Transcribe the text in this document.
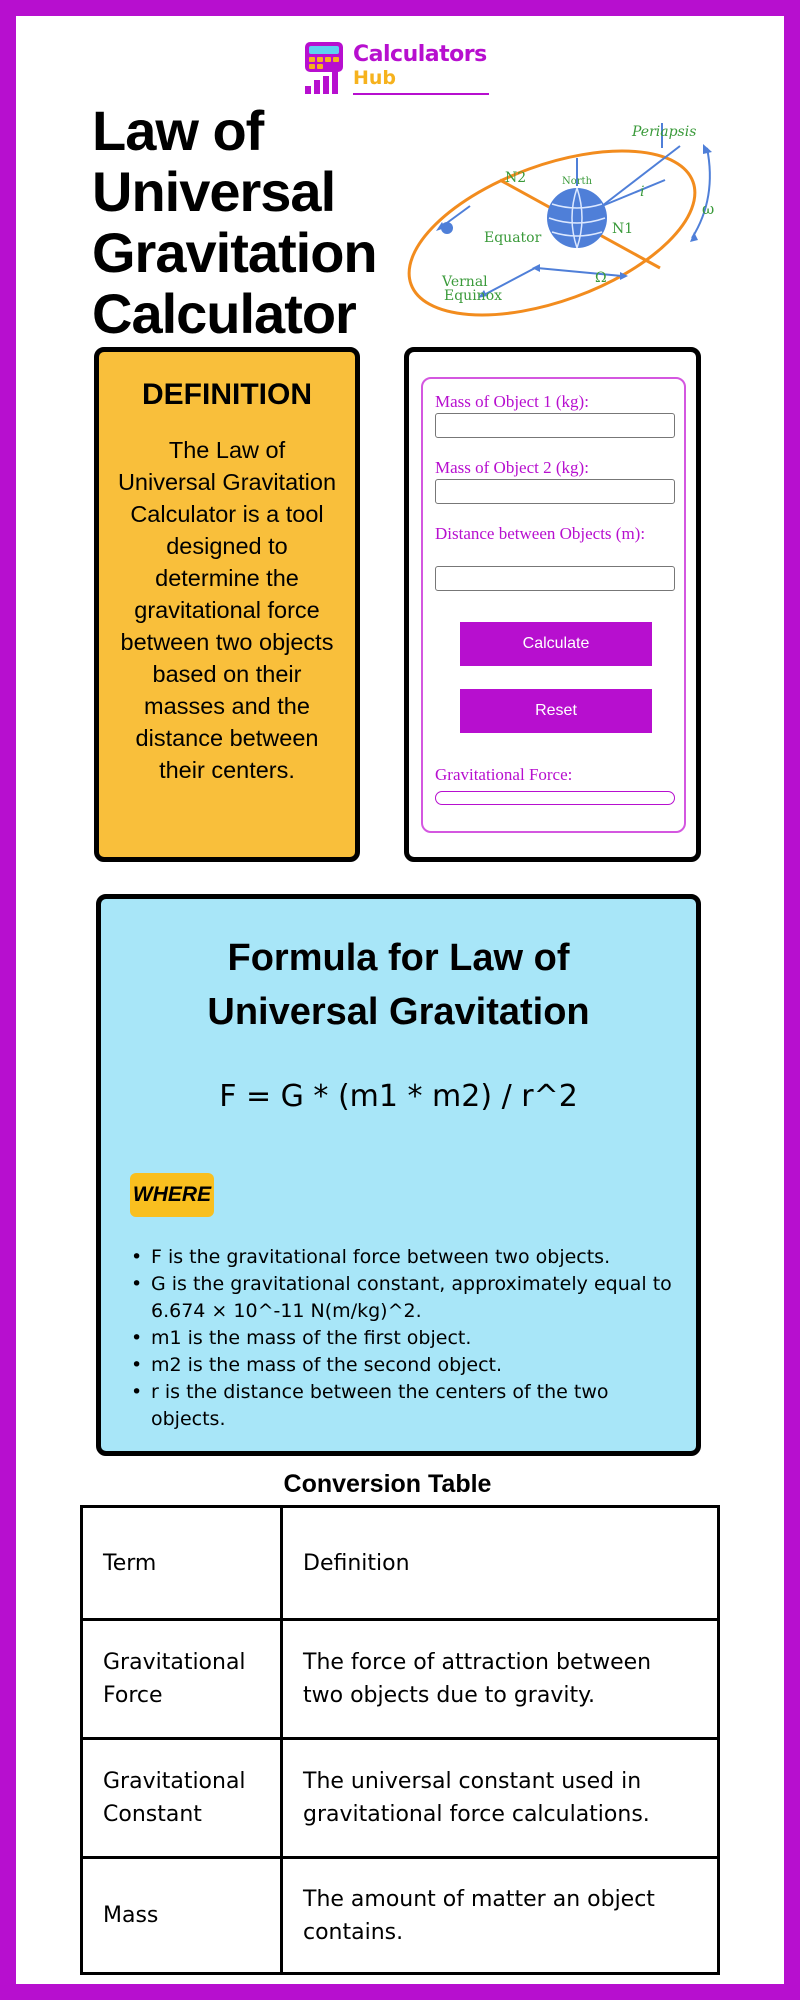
Calculators
Hub
Law of
Universal
Gravitation
Calculator
Periapsis
North
N2
N1
i
ω
Equator
Vernal
Equinox
Ω
DEFINITION

The Law of Universal Gravitation Calculator is a tool designed to determine the gravitational force between two objects based on their masses and the distance between their centers.

Mass of Object 1 (kg):
Mass of Object 2 (kg):
Distance between Objects (m):
Calculate
Reset
Gravitational Force:
Formula for Law of Universal Gravitation
F = G * (m1 * m2) / r^2
WHERE
• F is the gravitational force between two objects.
• G is the gravitational constant, approximately equal to 6.674 × 10^-11 N(m/kg)^2.
• m1 is the mass of the first object.
• m2 is the mass of the second object.
• r is the distance between the centers of the two objects.
Conversion Table
Term	Definition
Gravitational Force	The force of attraction between two objects due to gravity.
Gravitational Constant	The universal constant used in gravitational force calculations.
Mass	The amount of matter an object contains.
